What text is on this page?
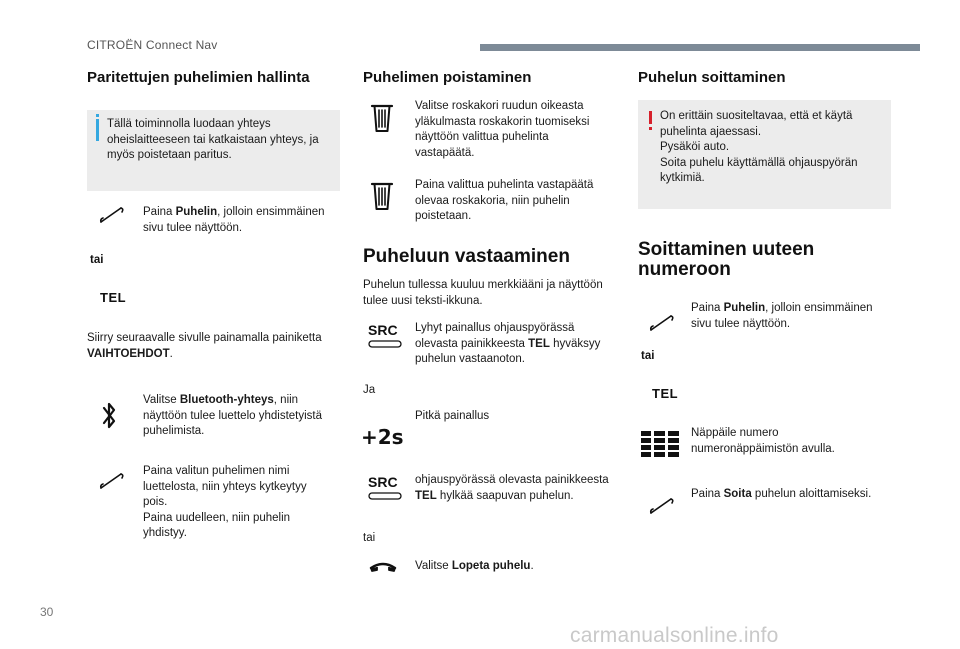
CITROËN Connect Nav
Paritettujen puhelimien hallinta
Tällä toiminnolla luodaan yhteys oheislaitteeseen tai katkaistaan yhteys, ja myös poistetaan paritus.
Paina Puhelin, jolloin ensimmäinen sivu tulee näyttöön.
tai
TEL
Siirry seuraavalle sivulle painamalla painiketta VAIHTOEHDOT.
Valitse Bluetooth-yhteys, niin näyttöön tulee luettelo yhdistetyistä puhelimista.
Paina valitun puhelimen nimi luettelosta, niin yhteys kytkeytyy pois.
Paina uudelleen, niin puhelin yhdistyy.
Puhelimen poistaminen
Valitse roskakori ruudun oikeasta yläkulmasta roskakorin tuomiseksi näyttöön valittua puhelinta vastapäätä.
Paina valittua puhelinta vastapäätä olevaa roskakoria, niin puhelin poistetaan.
Puheluun vastaaminen
Puhelun tullessa kuuluu merkkiääni ja näyttöön tulee uusi teksti-ikkuna.
SRC	Lyhyt painallus ohjauspyörässä olevasta painikkeesta TEL hyväksyy puhelun vastaanoton.
Ja
+2s
Pitkä painallus
SRC	ohjauspyörässä olevasta painikkeesta TEL hylkää saapuvan puhelun.
tai
Valitse Lopeta puhelu.
Puhelun soittaminen
On erittäin suositeltavaa, että et käytä puhelinta ajaessasi.
Pysäköi auto.
Soita puhelu käyttämällä ohjauspyörän kytkimiä.
Soittaminen uuteen
numeroon
Paina Puhelin, jolloin ensimmäinen sivu tulee näyttöön.
tai
TEL
Näppäile numero numeronäppäimistön avulla.
Paina Soita puhelun aloittamiseksi.
30
carmanualsonline.info
